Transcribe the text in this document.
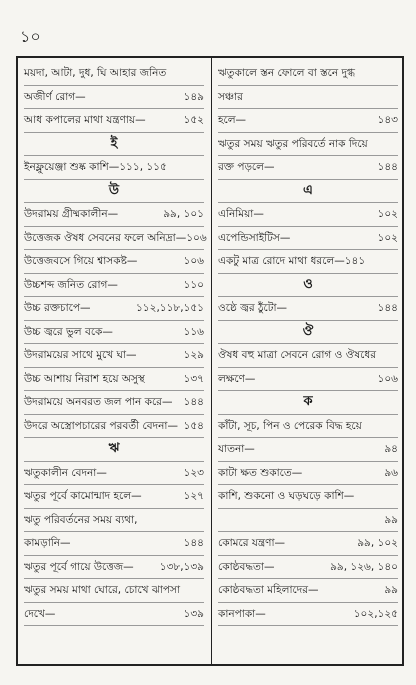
১০
ময়দা, আটা, দুধ, ঘি আহার জনিত
অজীর্ণ রোগ—	১৪৯
আধ কপালের মাথা যন্ত্রণায়—	১৫২
ই
ইনফ্লুয়েঞ্জা শুষ্ক কাশি—১১১, ১১৫
উ
উদরাময় গ্রীষ্মকালীন—	৯৯, ১০১
উত্তেজক ঔষধ সেবনের ফলে অনিদ্রা—১০৬
উত্তেজবসে গিয়ে শ্বাসকষ্ট—	১০৬
উচ্চশব্দ জনিত রোগ—	১১০
উচ্চ রক্তচাপে—	১১২,১১৮,১৫১
উচ্চ জ্বরে ভুল বকে—	১১৬
উদরাময়ের সাথে মুখে ঘা—	১২৯
উচ্চ আশায় নিরাশ হয়ে অসুস্থ	১৩৭
উদরাময়ে অনবরত জল পান করে— ১৪৪
উদরে অস্ত্রোপচারের পরবর্তী বেদনা— ১৫৪
ঋ
ঋতুকালীন বেদনা—	১২৩
ঋতুর পূর্বে কামোন্মাদ হলে—	১২৭
ঋতু পরিবর্তনের সময় ব্যথা,
কামড়ানি—	১৪৪
ঋতুর পূর্বে গায়ে উত্তেজ— ১৩৮,১৩৯
ঋতুর সময় মাথা ঘোরে, চোখে ঝাপসা
দেখে—	১৩৯
ঋতুকালে স্তন ফোলে বা স্তনে দুগ্ধ
সঞ্চার
হলে—	১৪৩
ঋতুর সময় ঋতুর পরিবর্তে নাক দিয়ে
রক্ত পড়লে—	১৪৪
এ
এনিমিয়া—	১০২
এপেন্ডিসাইটিস—	১০২
একটু মাত্র রোদে মাথা ধরলে—১৪১
ও
ওষ্ঠে জ্বর ঠুঁটো—	১৪৪
ঔ
ঔষধ বহু মাত্রা সেবনে রোগ ও ঔষধের
লক্ষণে—	১০৬
ক
কাঁটা, সূচ, পিন ও পেরেক বিদ্ধ হয়ে
যাতনা—	৯৪
কাটা ক্ষত শুকাতে—	৯৬
কাশি, শুকনো ও ঘড়ঘড়ে কাশি—
৯৯
কোমরে যন্ত্রণা—	৯৯, ১০২
কোষ্ঠবদ্ধতা—	৯৯, ১২৬, ১৪০
কোষ্ঠবদ্ধতা মহিলাদের—	৯৯
কানপাকা—	১০২,১২৫
